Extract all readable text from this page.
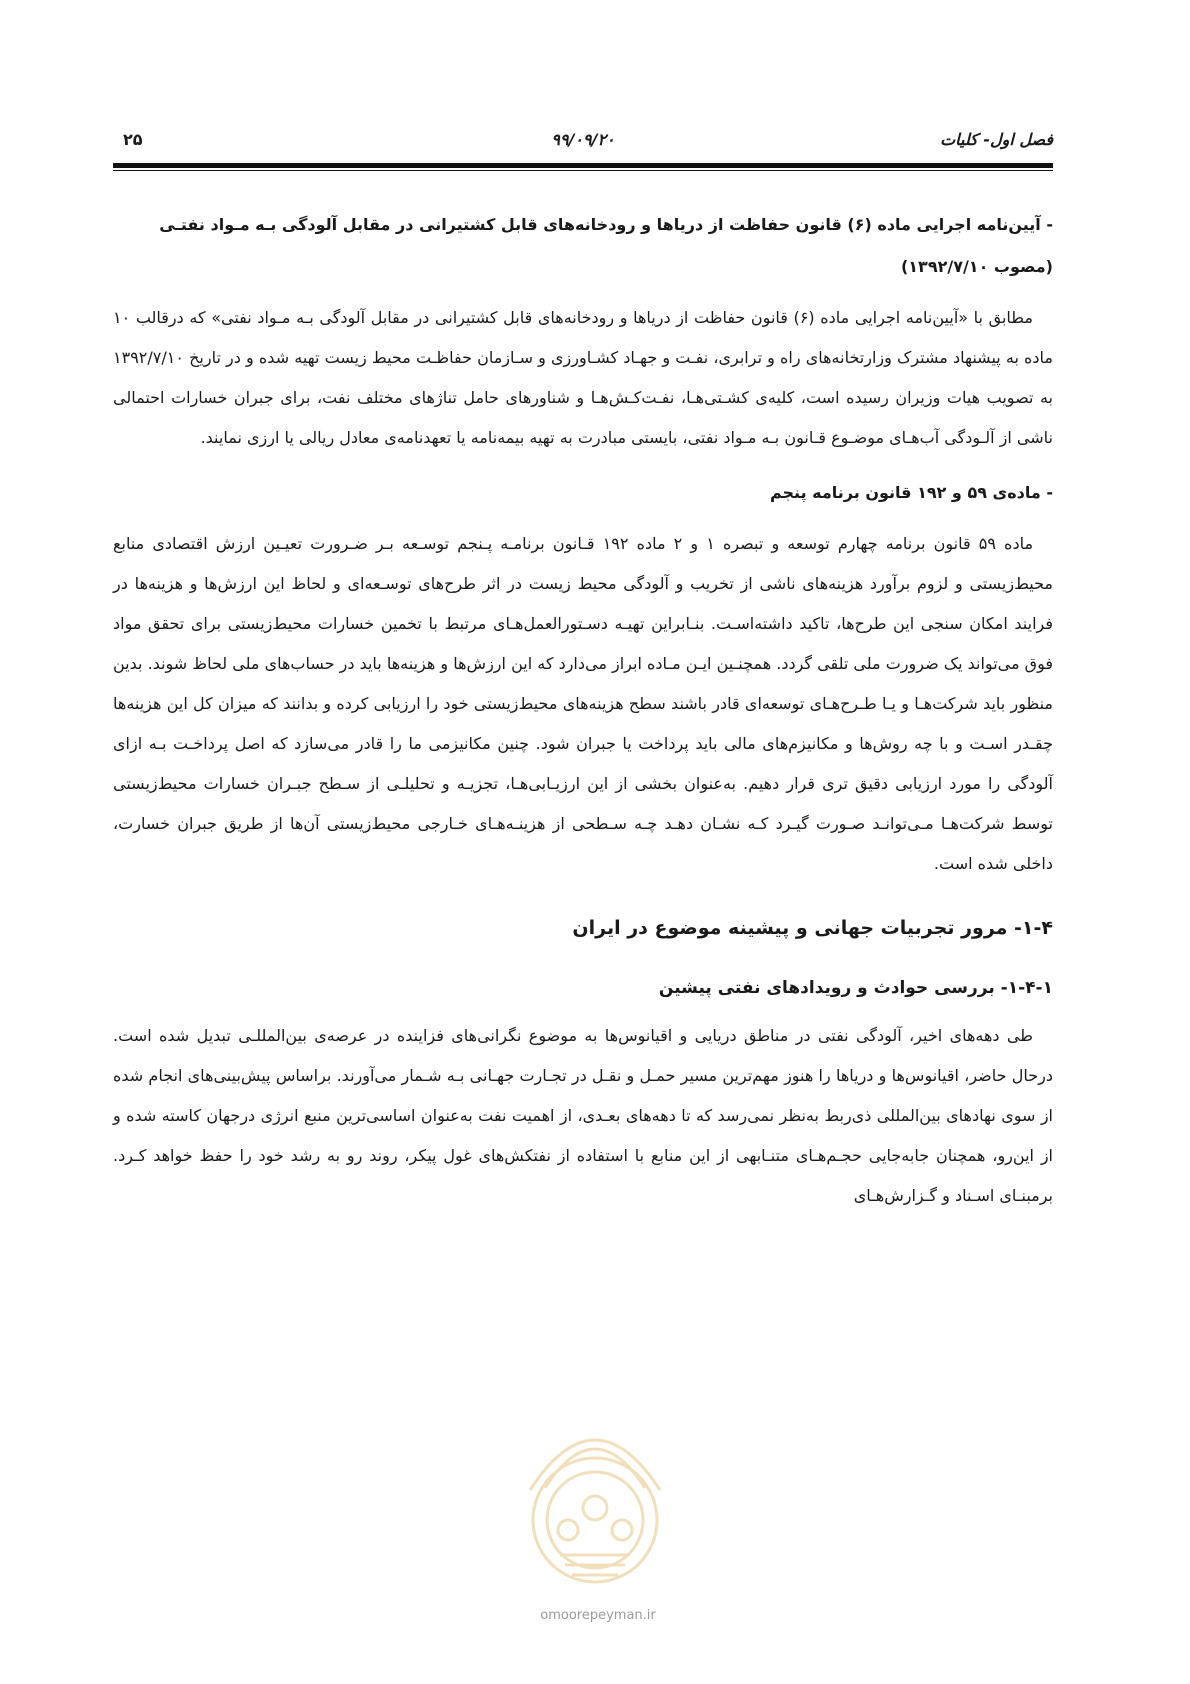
فصل اول- کلیات
۹۹/۰۹/۲۰
۲۵

- آیین‌نامه اجرایی ماده (۶) قانون حفاظت از دریاها و رودخانه‌های قابل کشتیرانی در مقابل آلودگی بـه مـواد نفتـی

(مصوب ۱۳۹۲/۷/۱۰)

مطابق با «آیین‌نامه اجرایی ماده (۶) قانون حفاظت از دریاها و رودخانه‌های قابل کشتیرانی در مقابل آلودگی بـه مـواد نفتی» که درقالب ۱۰ ماده به پیشنهاد مشترک وزارتخانه‌های راه و ترابری، نفـت و جهـاد کشـاورزی و سـازمان حفاظـت محیط زیست تهیه شده و در تاریخ ۱۳۹۲/۷/۱۰ به تصویب هیات وزیران رسیده است، کلیه‌ی کشـتی‌هـا، نفـت‌کـش‌هـا و شناورهای حامل تناژهای مختلف نفت، برای جبران خسارات احتمالی ناشی از آلـودگی آب‌هـای موضـوع قـانون بـه مـواد نفتی، بایستی مبادرت به تهیه بیمه‌نامه یا تعهدنامه‌ی معادل ریالی یا ارزی نمایند.

- ماده‌ی ۵۹ و ۱۹۲ قانون برنامه پنجم

ماده ۵۹ قانون برنامه چهارم توسعه و تبصره ۱ و ۲ ماده ۱۹۲ قـانون برنامـه پـنجم توسـعه بـر ضـرورت تعیـین ارزش اقتصادی منابع محیط‌زیستی و لزوم برآورد هزینه‌های ناشی از تخریب و آلودگی محیط زیست در اثر طرح‌های توسـعه‌ای و لحاظ این ارزش‌ها و هزینه‌ها در فرایند امکان سنجی این طرح‌ها، تاکید داشته‌اسـت. بنـابراین تهیـه دسـتورالعمل‌هـای مرتبط با تخمین خسارات محیط‌زیستی برای تحقق مواد فوق می‌تواند یک ضرورت ملی تلقی گردد. همچنـین ایـن مـاده ابراز می‌دارد که این ارزش‌ها و هزینه‌ها باید در حساب‌های ملی لحاظ شوند. بدین منظور باید شرکت‌هـا و یـا طـرح‌هـای توسعه‌ای قادر باشند سطح هزینه‌های محیط‌زیستی خود را ارزیابی کرده و بدانند که میزان کل این هزینه‌ها چقـدر اسـت و با چه روش‌ها و مکانیزم‌های مالی باید پرداخت یا جبران شود. چنین مکانیزمی ما را قادر می‌سازد که اصل پرداخـت بـه ازای آلودگی را مورد ارزیابی دقیق تری قرار دهیم. به‌عنوان بخشی از این ارزیـابی‌هـا، تجزیـه و تحلیلـی از سـطح جبـران خسارات محیط‌زیستی توسط شرکت‌هـا مـی‌توانـد صـورت گیـرد کـه نشـان دهـد چـه سـطحی از هزینـه‌هـای خـارجی محیط‌زیستی آن‌ها از طریق جبران خسارت، داخلی شده است.

۱-۴- مرور تجربیات جهانی و پیشینه موضوع در ایران

۱-۴-۱- بررسی حوادث و رویدادهای نفتی پیشین

طی دهه‌های اخیر، آلودگی نفتی در مناطق دریایی و اقیانوس‌ها به موضوع نگرانی‌های فزاینده در عرصه‌ی بین‌المللـی تبدیل شده است. درحال حاضر، اقیانوس‌ها و دریاها را هنوز مهم‌ترین مسیر حمـل و نقـل در تجـارت جهـانی بـه شـمار می‌آورند. براساس پیش‌بینی‌های انجام شده از سوی نهادهای بین‌المللی ذی‌ربط به‌نظر نمی‌رسد که تا دهه‌های بعـدی، از اهمیت نفت به‌عنوان اساسی‌ترین منبع انرژی درجهان کاسته شده و از این‌رو، همچنان جابه‌جایی حجـم‌هـای متنـابهی از این منابع با استفاده از نفتکش‌های غول پیکر، روند رو به رشد خود را حفظ خواهد کـرد. برمبنـای اسـناد و گـزارش‌هـای

omoorepeyman.ir
